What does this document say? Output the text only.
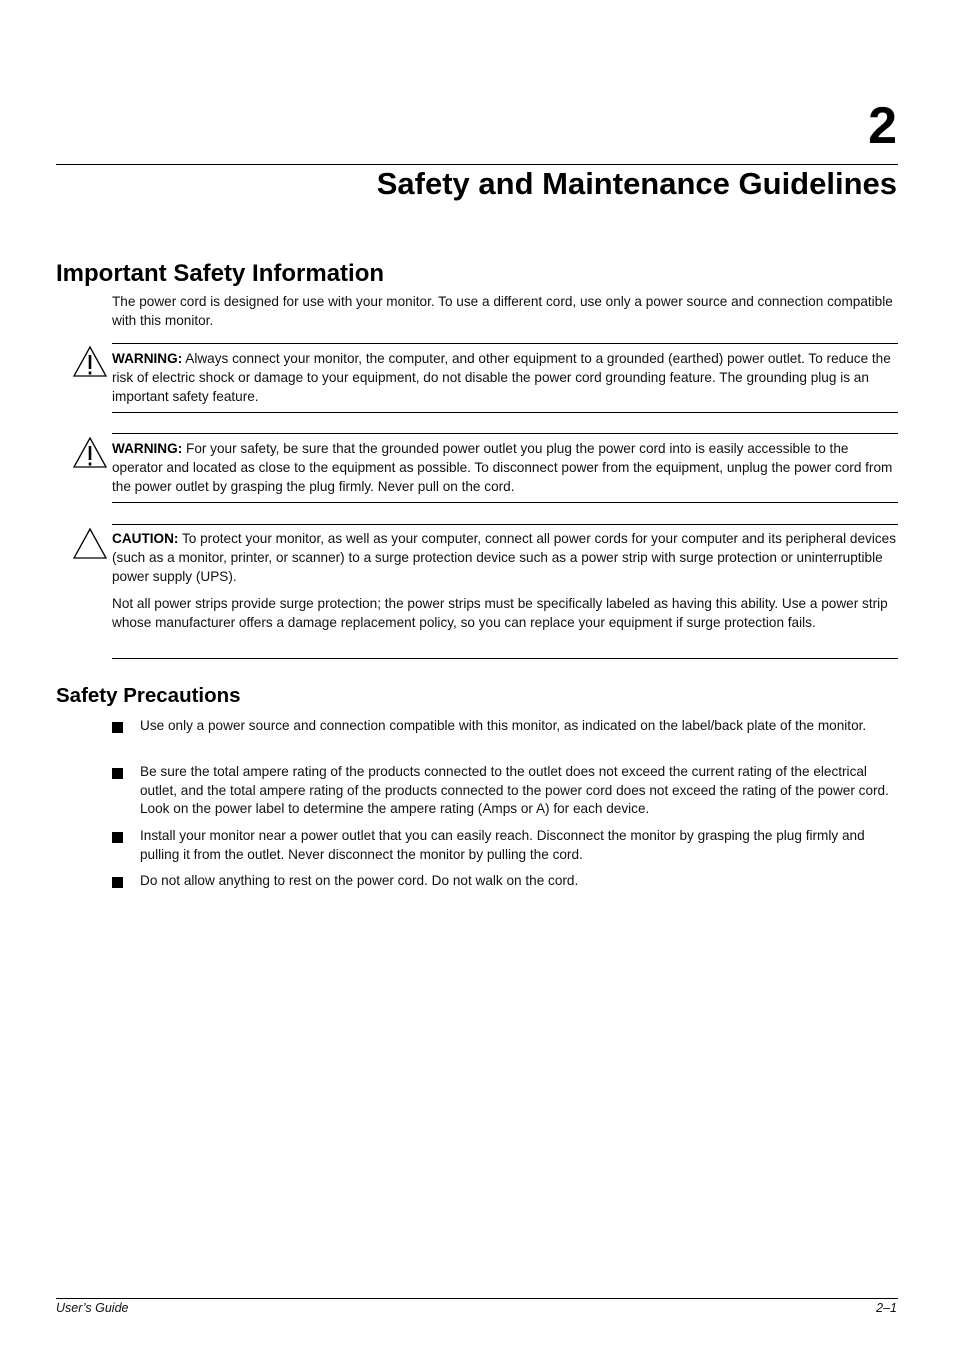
2
Safety and Maintenance Guidelines
Important Safety Information
The power cord is designed for use with your monitor. To use a different cord, use only a power source and connection compatible with this monitor.
WARNING: Always connect your monitor, the computer, and other equipment to a grounded (earthed) power outlet. To reduce the risk of electric shock or damage to your equipment, do not disable the power cord grounding feature. The grounding plug is an important safety feature.
WARNING: For your safety, be sure that the grounded power outlet you plug the power cord into is easily accessible to the operator and located as close to the equipment as possible. To disconnect power from the equipment, unplug the power cord from the power outlet by grasping the plug firmly. Never pull on the cord.
CAUTION: To protect your monitor, as well as your computer, connect all power cords for your computer and its peripheral devices (such as a monitor, printer, or scanner) to a surge protection device such as a power strip with surge protection or uninterruptible power supply (UPS).
Not all power strips provide surge protection; the power strips must be specifically labeled as having this ability. Use a power strip whose manufacturer offers a damage replacement policy, so you can replace your equipment if surge protection fails.
Safety Precautions
Use only a power source and connection compatible with this monitor, as indicated on the label/back plate of the monitor.
Be sure the total ampere rating of the products connected to the outlet does not exceed the current rating of the electrical outlet, and the total ampere rating of the products connected to the power cord does not exceed the rating of the power cord. Look on the power label to determine the ampere rating (Amps or A) for each device.
Install your monitor near a power outlet that you can easily reach. Disconnect the monitor by grasping the plug firmly and pulling it from the outlet. Never disconnect the monitor by pulling the cord.
Do not allow anything to rest on the power cord. Do not walk on the cord.
User’s Guide	2–1
